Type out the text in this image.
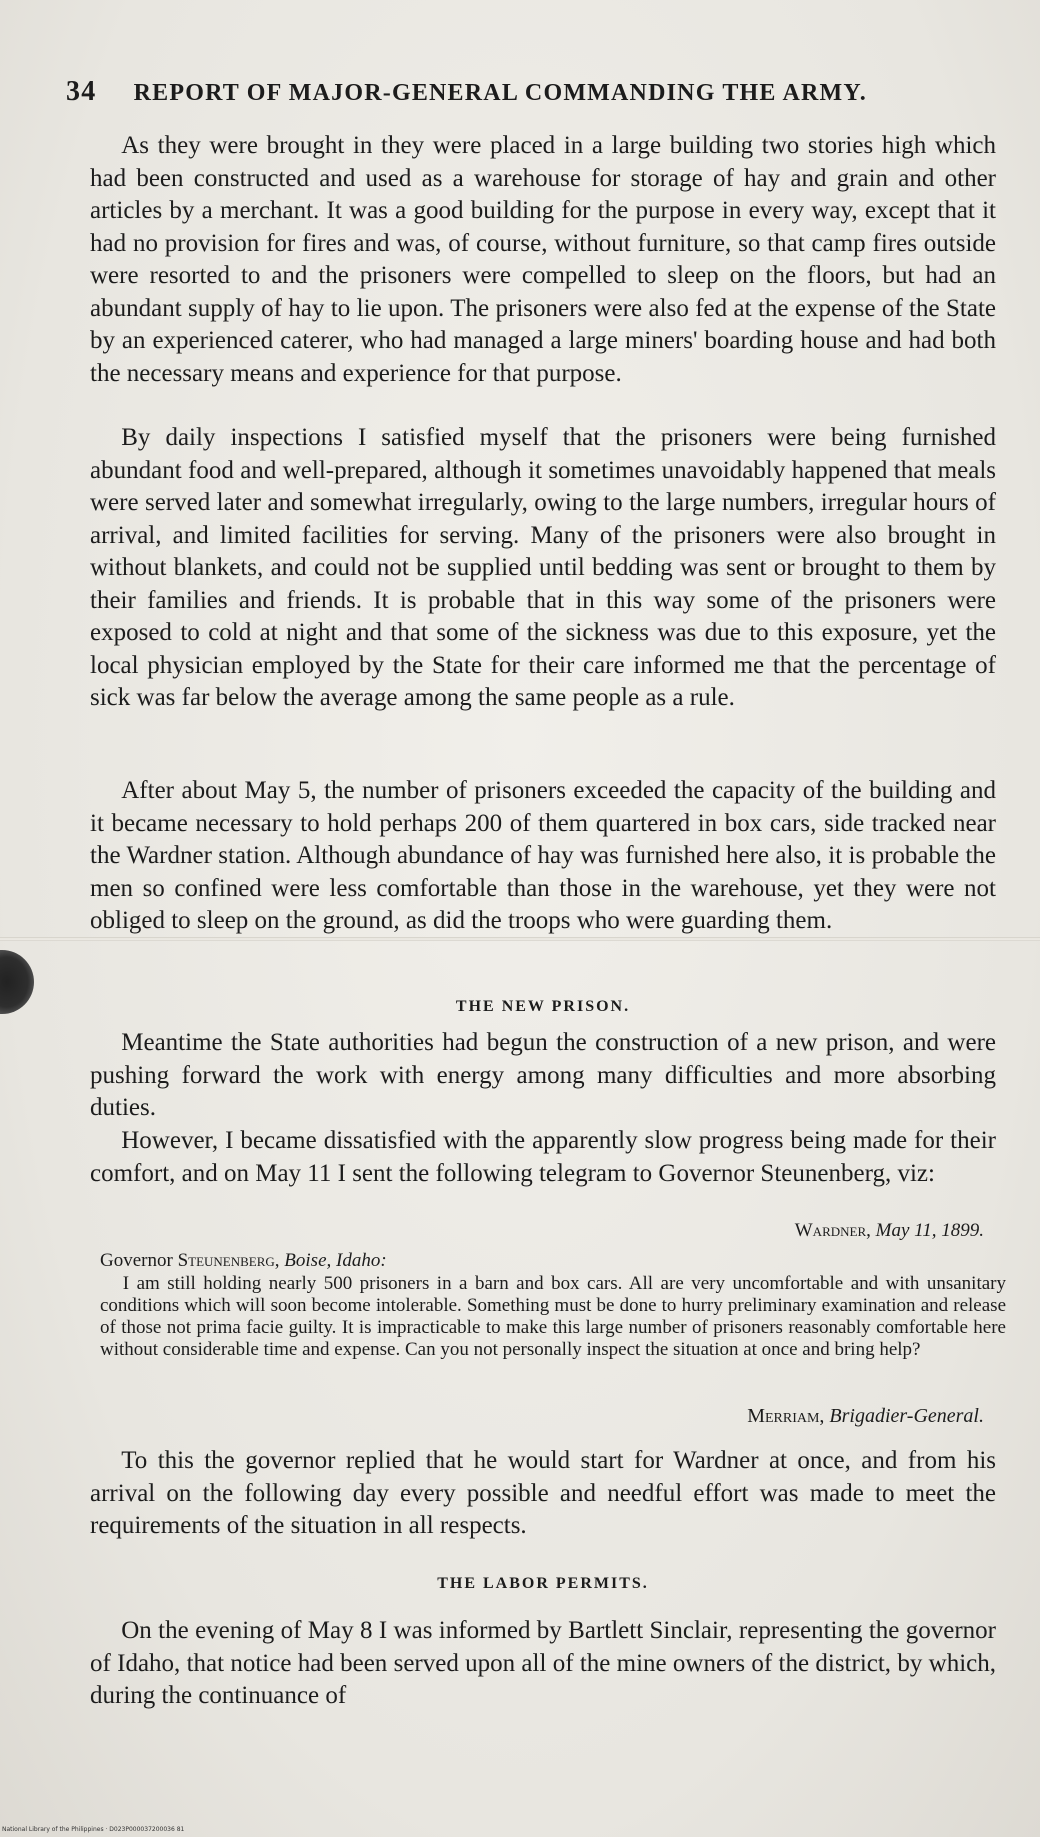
34 REPORT OF MAJOR-GENERAL COMMANDING THE ARMY.

As they were brought in they were placed in a large building two stories high which had been constructed and used as a warehouse for storage of hay and grain and other articles by a merchant. It was a good building for the purpose in every way, except that it had no provision for fires and was, of course, without furniture, so that camp fires outside were resorted to and the prisoners were compelled to sleep on the floors, but had an abundant supply of hay to lie upon. The prisoners were also fed at the expense of the State by an experienced caterer, who had managed a large miners' boarding house and had both the necessary means and experience for that purpose.

By daily inspections I satisfied myself that the prisoners were being furnished abundant food and well-prepared, although it sometimes unavoidably happened that meals were served later and somewhat irregularly, owing to the large numbers, irregular hours of arrival, and limited facilities for serving. Many of the prisoners were also brought in without blankets, and could not be supplied until bedding was sent or brought to them by their families and friends. It is probable that in this way some of the prisoners were exposed to cold at night and that some of the sickness was due to this exposure, yet the local physician employed by the State for their care informed me that the percentage of sick was far below the average among the same people as a rule.

After about May 5, the number of prisoners exceeded the capacity of the building and it became necessary to hold perhaps 200 of them quartered in box cars, side tracked near the Wardner station. Although abundance of hay was furnished here also, it is probable the men so confined were less comfortable than those in the warehouse, yet they were not obliged to sleep on the ground, as did the troops who were guarding them.

THE NEW PRISON.

Meantime the State authorities had begun the construction of a new prison, and were pushing forward the work with energy among many difficulties and more absorbing duties.

However, I became dissatisfied with the apparently slow progress being made for their comfort, and on May 11 I sent the following telegram to Governor Steunenberg, viz:

Wardner, May 11, 1899.
Governor Steunenberg, Boise, Idaho:

I am still holding nearly 500 prisoners in a barn and box cars. All are very uncomfortable and with unsanitary conditions which will soon become intolerable. Something must be done to hurry preliminary examination and release of those not prima facie guilty. It is impracticable to make this large number of prisoners reasonably comfortable here without considerable time and expense. Can you not personally inspect the situation at once and bring help?

Merriam, Brigadier-General.

To this the governor replied that he would start for Wardner at once, and from his arrival on the following day every possible and needful effort was made to meet the requirements of the situation in all respects.

THE LABOR PERMITS.

On the evening of May 8 I was informed by Bartlett Sinclair, representing the governor of Idaho, that notice had been served upon all of the mine owners of the district, by which, during the continuance of

National Library of the Philippines · D023P000037200036 81
